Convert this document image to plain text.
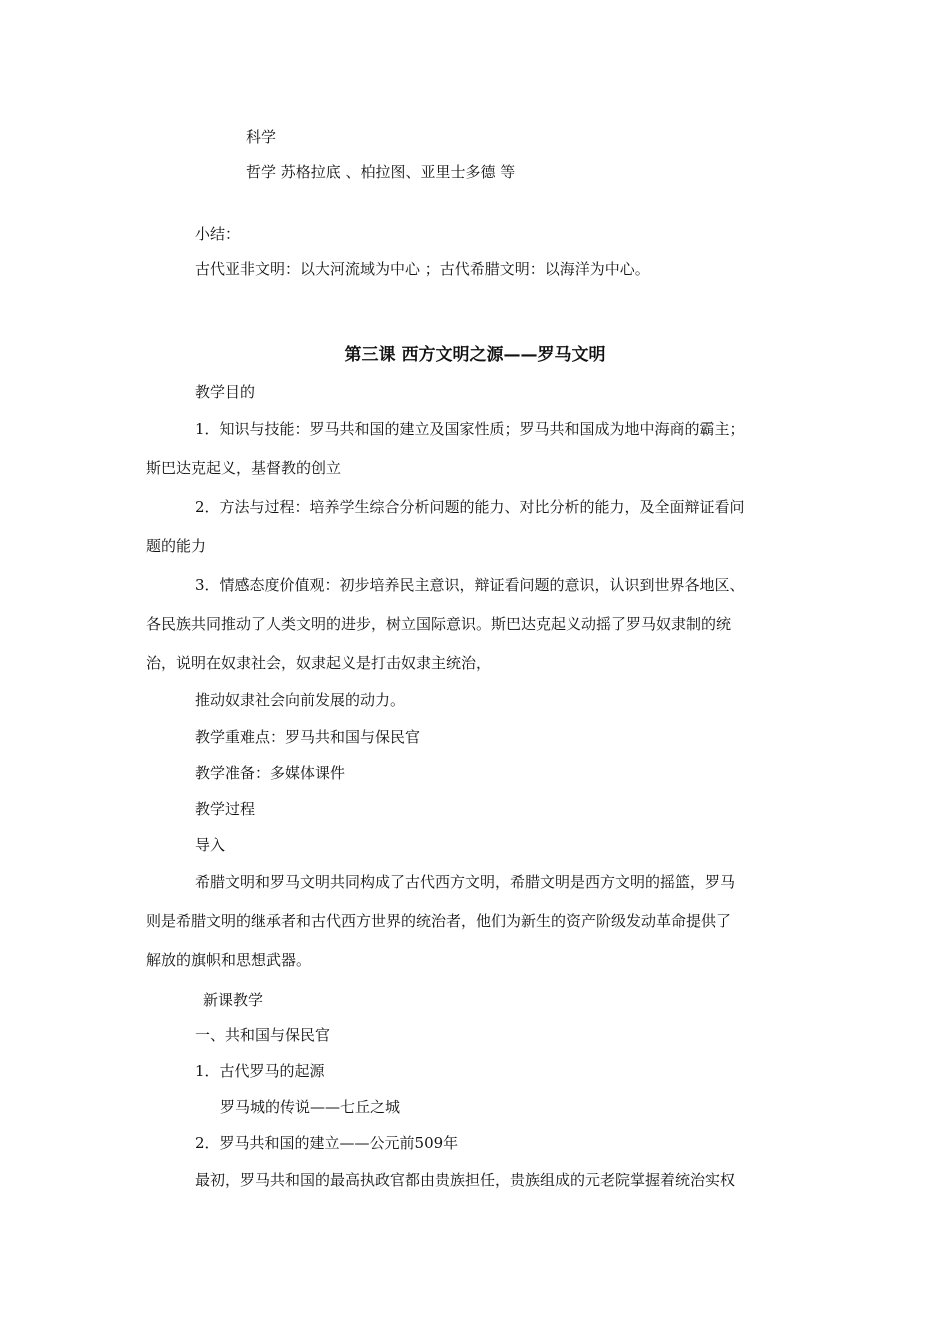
科学
哲学 苏格拉底 、柏拉图、亚里士多德 等
小结：
古代亚非文明：以大河流域为中心 ；古代希腊文明：以海洋为中心。
第三课 西方文明之源——罗马文明
教学目的
1．知识与技能：罗马共和国的建立及国家性质；罗马共和国成为地中海商的霸主；
斯巴达克起义，基督教的创立
2．方法与过程：培养学生综合分析问题的能力、对比分析的能力，及全面辩证看问
题的能力
3．情感态度价值观：初步培养民主意识，辩证看问题的意识，认识到世界各地区、
各民族共同推动了人类文明的进步，树立国际意识。斯巴达克起义动摇了罗马奴隶制的统
治，说明在奴隶社会，奴隶起义是打击奴隶主统治，
推动奴隶社会向前发展的动力。
教学重难点：罗马共和国与保民官
教学准备：多媒体课件
教学过程
导入
希腊文明和罗马文明共同构成了古代西方文明，希腊文明是西方文明的摇篮，罗马
则是希腊文明的继承者和古代西方世界的统治者，他们为新生的资产阶级发动革命提供了
解放的旗帜和思想武器。
新课教学
一、共和国与保民官
1．古代罗马的起源
罗马城的传说——七丘之城
2．罗马共和国的建立——公元前509年
最初，罗马共和国的最高执政官都由贵族担任，贵族组成的元老院掌握着统治实权
